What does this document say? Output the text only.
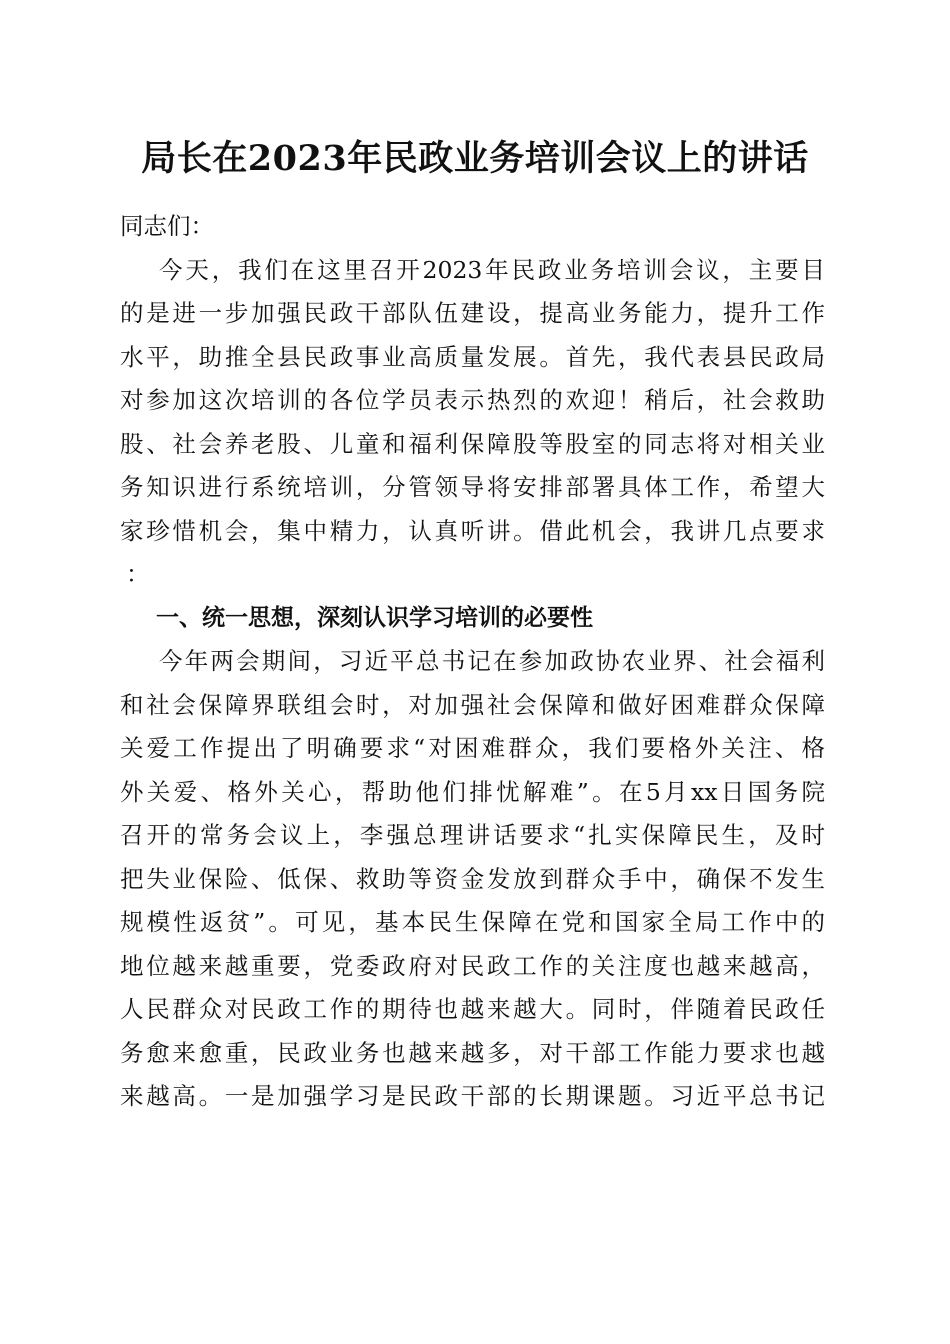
局长在2023年民政业务培训会议上的讲话
同志们：
今天，我们在这里召开2023年民政业务培训会议，主要目
的是进一步加强民政干部队伍建设，提高业务能力，提升工作
水平，助推全县民政事业高质量发展。首先，我代表县民政局
对参加这次培训的各位学员表示热烈的欢迎！稍后，社会救助
股、社会养老股、儿童和福利保障股等股室的同志将对相关业
务知识进行系统培训，分管领导将安排部署具体工作，希望大
家珍惜机会，集中精力，认真听讲。借此机会，我讲几点要求
：
一、统一思想，深刻认识学习培训的必要性
今年两会期间，习近平总书记在参加政协农业界、社会福利
和社会保障界联组会时，对加强社会保障和做好困难群众保障
关爱工作提出了明确要求“对困难群众，我们要格外关注、格
外关爱、格外关心，帮助他们排忧解难”。在5月xx日国务院
召开的常务会议上，李强总理讲话要求“扎实保障民生，及时
把失业保险、低保、救助等资金发放到群众手中，确保不发生
规模性返贫”。可见，基本民生保障在党和国家全局工作中的
地位越来越重要，党委政府对民政工作的关注度也越来越高，
人民群众对民政工作的期待也越来越大。同时，伴随着民政任
务愈来愈重，民政业务也越来越多，对干部工作能力要求也越
来越高。一是加强学习是民政干部的长期课题。习近平总书记
